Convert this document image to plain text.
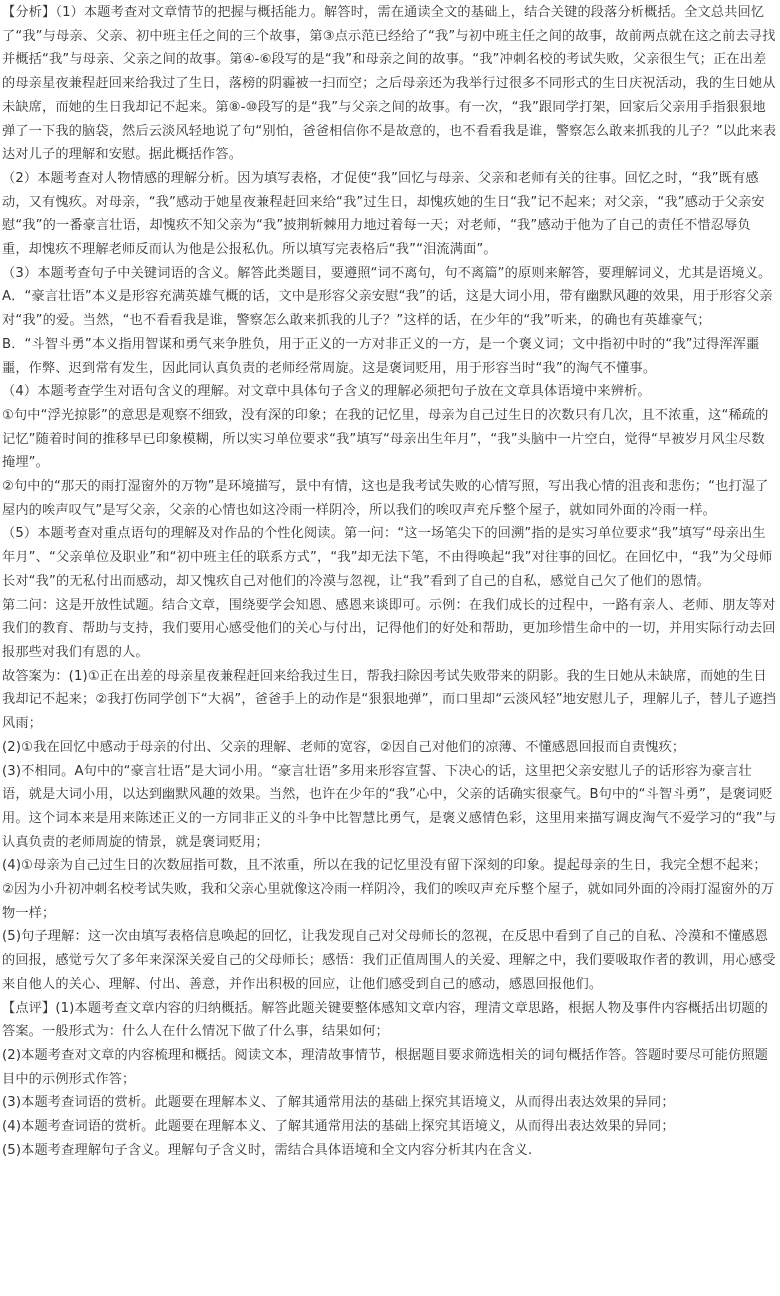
【分析】（1）本题考查对文章情节的把握与概括能力。解答时，需在通读全文的基础上，结合关键的段落分析概括。全文总共回忆了“我”与母亲、父亲、初中班主任之间的三个故事，第③点示范已经给了“我”与初中班主任之间的故事，故前两点就在这之前去寻找并概括“我”与母亲、父亲之间的故事。第④-⑥段写的是“我”和母亲之间的故事。“我”冲刺名校的考试失败，父亲很生气；正在出差的母亲星夜兼程赶回来给我过了生日，落榜的阴霾被一扫而空；之后母亲还为我举行过很多不同形式的生日庆祝活动，我的生日她从未缺席，而她的生日我却记不起来。第⑧-⑩段写的是“我”与父亲之间的故事。有一次，“我”跟同学打架，回家后父亲用手指狠狠地弹了一下我的脑袋，然后云淡风轻地说了句“别怕，爸爸相信你不是故意的，也不看看我是谁，警察怎么敢来抓我的儿子？”以此来表达对儿子的理解和安慰。据此概括作答。

（2）本题考查对人物情感的理解分析。因为填写表格，才促使“我”回忆与母亲、父亲和老师有关的往事。回忆之时，“我”既有感动，又有愧疚。对母亲，“我”感动于她星夜兼程赶回来给“我”过生日，却愧疚她的生日“我”记不起来；对父亲，“我”感动于父亲安慰“我”的一番豪言壮语，却愧疚不知父亲为“我”披荆斩棘用力地过着每一天；对老师，“我”感动于他为了自己的责任不惜忍辱负重，却愧疚不理解老师反而认为他是公报私仇。所以填写完表格后“我”“泪流满面”。

（3）本题考查句子中关键词语的含义。解答此类题目，要遵照“词不离句，句不离篇”的原则来解答，要理解词义，尤其是语境义。

A．“豪言壮语”本义是形容充满英雄气概的话，文中是形容父亲安慰“我”的话，这是大词小用，带有幽默风趣的效果，用于形容父亲对“我”的爱。当然，“也不看看我是谁，警察怎么敢来抓我的儿子？”这样的话，在少年的“我”听来，的确也有英雄豪气；

B．“斗智斗勇”本义指用智谋和勇气来争胜负，用于正义的一方对非正义的一方，是一个褒义词；文中指初中时的“我”过得浑浑噩噩，作弊、迟到常有发生，因此同认真负责的老师经常周旋。这是褒词贬用，用于形容当时“我”的淘气不懂事。

（4）本题考查学生对语句含义的理解。对文章中具体句子含义的理解必须把句子放在文章具体语境中来辨析。

①句中“浮光掠影”的意思是观察不细致，没有深的印象；在我的记忆里，母亲为自己过生日的次数只有几次，且不浓重，这“稀疏的记忆”随着时间的推移早已印象模糊，所以实习单位要求“我”填写“母亲出生年月”，“我”头脑中一片空白，觉得“早被岁月风尘尽数掩埋”。

②句中的“那天的雨打湿窗外的万物”是环境描写，景中有情，这也是我考试失败的心情写照，写出我心情的沮丧和悲伤；“也打湿了屋内的唉声叹气”是写父亲，父亲的心情也如这冷雨一样阴冷，所以我们的唉叹声充斥整个屋子，就如同外面的冷雨一样。

（5）本题考查对重点语句的理解及对作品的个性化阅读。第一问：“这一场笔尖下的回溯”指的是实习单位要求“我”填写“母亲出生年月”、“父亲单位及职业”和“初中班主任的联系方式”，“我”却无法下笔，不由得唤起“我”对往事的回忆。在回忆中，“我”为父母师长对“我”的无私付出而感动，却又愧疚自己对他们的冷漠与忽视，让“我”看到了自己的自私，感觉自己欠了他们的恩情。

第二问：这是开放性试题。结合文章，围绕要学会知恩、感恩来谈即可。示例：在我们成长的过程中，一路有亲人、老师、朋友等对我们的教育、帮助与支持，我们要用心感受他们的关心与付出，记得他们的好处和帮助，更加珍惜生命中的一切，并用实际行动去回报那些对我们有恩的人。

故答案为：(1)①正在出差的母亲星夜兼程赶回来给我过生日，帮我扫除因考试失败带来的阴影。我的生日她从未缺席，而她的生日我却记不起来；②我打伤同学创下“大祸”，爸爸手上的动作是“狠狠地弹”，而口里却“云淡风轻”地安慰儿子，理解儿子，替儿子遮挡风雨；

(2)①我在回忆中感动于母亲的付出、父亲的理解、老师的宽容，②因自己对他们的凉薄、不懂感恩回报而自责愧疚；

(3)不相同。A句中的“豪言壮语”是大词小用。“豪言壮语”多用来形容宣誓、下决心的话，这里把父亲安慰儿子的话形容为豪言壮语，就是大词小用，以达到幽默风趣的效果。当然，也许在少年的“我”心中，父亲的话确实很豪气。B句中的“斗智斗勇”，是褒词贬用。这个词本来是用来陈述正义的一方同非正义的斗争中比智慧比勇气，是褒义感情色彩，这里用来描写调皮淘气不爱学习的“我”与认真负责的老师周旋的情景，就是褒词贬用；

(4)①母亲为自己过生日的次数屈指可数，且不浓重，所以在我的记忆里没有留下深刻的印象。提起母亲的生日，我完全想不起来；②因为小升初冲刺名校考试失败，我和父亲心里就像这冷雨一样阴冷，我们的唉叹声充斥整个屋子，就如同外面的冷雨打湿窗外的万物一样；

(5)句子理解：这一次由填写表格信息唤起的回忆，让我发现自己对父母师长的忽视，在反思中看到了自己的自私、冷漠和不懂感恩的回报，感觉亏欠了多年来深深关爱自己的父母师长；感悟：我们正值周围人的关爱、理解之中，我们要吸取作者的教训，用心感受来自他人的关心、理解、付出、善意，并作出积极的回应，让他们感受到自己的感动，感恩回报他们。

【点评】(1)本题考查文章内容的归纳概括。解答此题关键要整体感知文章内容，理清文章思路，根据人物及事件内容概括出切题的答案。一般形式为：什么人在什么情况下做了什么事，结果如何；

(2)本题考查对文章的内容梳理和概括。阅读文本，理清故事情节，根据题目要求筛选相关的词句概括作答。答题时要尽可能仿照题目中的示例形式作答；

(3)本题考查词语的赏析。此题要在理解本义、了解其通常用法的基础上探究其语境义，从而得出表达效果的异同；

(4)本题考查词语的赏析。此题要在理解本义、了解其通常用法的基础上探究其语境义，从而得出表达效果的异同；

(5)本题考查理解句子含义。理解句子含义时，需结合具体语境和全文内容分析其内在含义.
